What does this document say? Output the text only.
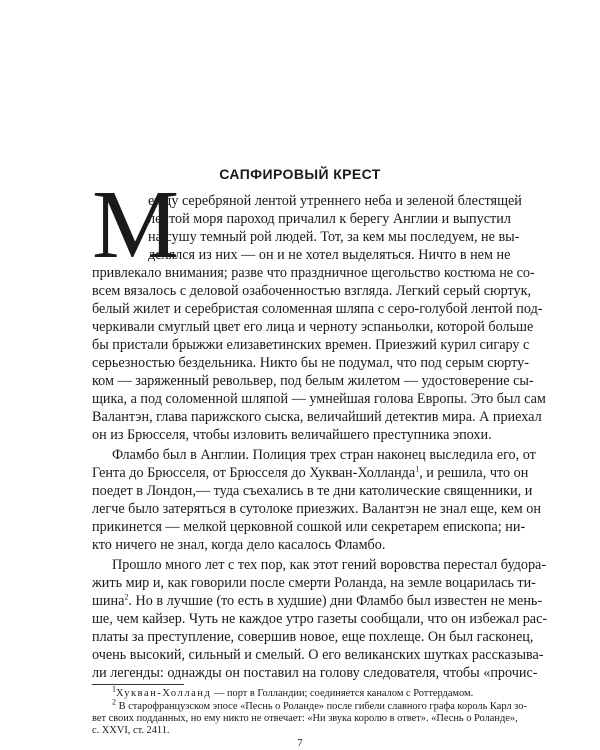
САПФИРОВЫЙ КРЕСТ
М
ежду серебряной лентой утреннего неба и зеленой блестящей
лентой моря пароход причалил к берегу Англии и выпустил
на сушу темный рой людей. Тот, за кем мы последуем, не вы-
делялся из них — он и не хотел выделяться. Ничто в нем не
привлекало внимания; разве что праздничное щегольство костюма не со-
всем вязалось с деловой озабоченностью взгляда. Легкий серый сюртук,
белый жилет и серебристая соломенная шляпа с серо-голубой лентой под-
черкивали смуглый цвет его лица и черноту эспаньолки, которой больше
бы пристали брыжжи елизаветинских времен. Приезжий курил сигару с
серьезностью бездельника. Никто бы не подумал, что под серым сюрту-
ком — заряженный револьвер, под белым жилетом — удостоверение сы-
щика, а под соломенной шляпой — умнейшая голова Европы. Это был сам
Валантэн, глава парижского сыска, величайший детектив мира. А приехал
он из Брюсселя, чтобы изловить величайшего преступника эпохи.
Фламбо был в Англии. Полиция трех стран наконец выследила его, от
Гента до Брюсселя, от Брюсселя до Хукван-Холланда$^1$, и решила, что он
поедет в Лондон,— туда съехались в те дни католические священники, и
легче было затеряться в сутолоке приезжих. Валантэн не знал еще, кем он
прикинется — мелкой церковной сошкой или секретарем епископа; ни-
кто ничего не знал, когда дело касалось Фламбо.
Прошло много лет с тех пор, как этот гений воровства перестал будора-
жить мир и, как говорили после смерти Роланда, на земле воцарилась ти-
шина$^2$. Но в лучшие (то есть в худшие) дни Фламбо был известен не мень-
ше, чем кайзер. Чуть не каждое утро газеты сообщали, что он избежал рас-
платы за преступление, совершив новое, еще похлеще. Он был гасконец,
очень высокий, сильный и смелый. О его великанских шутках рассказыва-
ли легенды: однажды он поставил на голову следователя, чтобы «прочис-
$^1$Хукван-Холланд — порт в Голландии; соединяется каналом с Роттердамом.
$^2$ В старофранцузском эпосе «Песнь о Роланде» после гибели славного графа король Карл зо-
вет своих подданных, но ему никто не отвечает: «Ни звука королю в ответ». «Песнь о Роланде»,
с. XXVI, ст. 2411.
7
